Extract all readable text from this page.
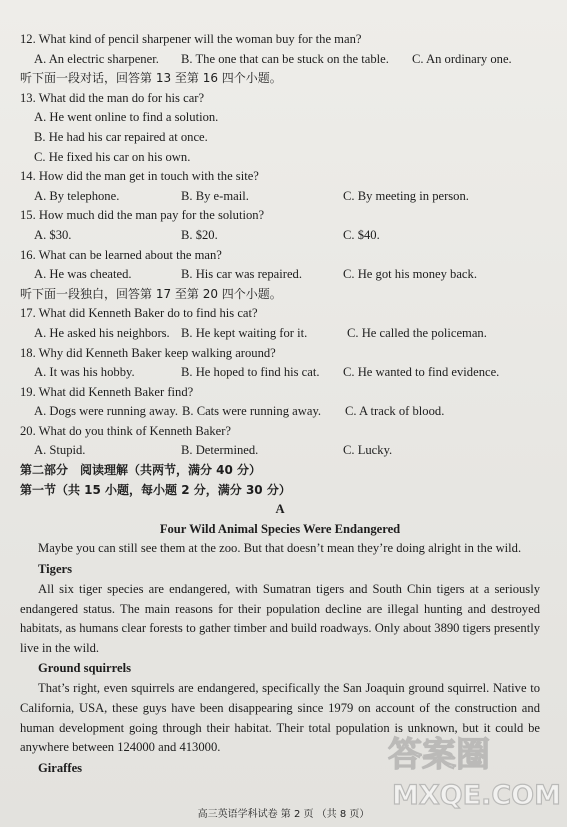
12. What kind of pencil sharpener will the woman buy for the man?
A. An electric sharpener. B. The one that can be stuck on the table. C. An ordinary one.
听下面一段对话，回答第 13 至第 16 四个小题。
13. What did the man do for his car?
A. He went online to find a solution.
B. He had his car repaired at once.
C. He fixed his car on his own.
14. How did the man get in touch with the site?
A. By telephone.	B. By e-mail.	C. By meeting in person.
15. How much did the man pay for the solution?
A. $30.	B. $20.	C. $40.
16. What can be learned about the man?
A. He was cheated.	B. His car was repaired.	C. He got his money back.
听下面一段独白，回答第 17 至第 20 四个小题。
17. What did Kenneth Baker do to find his cat?
A. He asked his neighbors. B. He kept waiting for it.	C. He called the policeman.
18. Why did Kenneth Baker keep walking around?
A. It was his hobby.	B. He hoped to find his cat. C. He wanted to find evidence.
19. What did Kenneth Baker find?
A. Dogs were running away. B. Cats were running away. C. A track of blood.
20. What do you think of Kenneth Baker?
A. Stupid.	B. Determined.	C. Lucky.
第二部分　阅读理解（共两节，满分 40 分）
第一节（共 15 小题，每小题 2 分，满分 30 分）
A
Four Wild Animal Species Were Endangered

Maybe you can still see them at the zoo. But that doesn’t mean they’re doing alright in the wild.

Tigers

All six tiger species are endangered, with Sumatran tigers and South Chin tigers at a seriously endangered status. The main reasons for their population decline are illegal hunting and destroyed habitats, as humans clear forests to gather timber and build roadways. Only about 3890 tigers presently live in the wild.

Ground squirrels

That’s right, even squirrels are endangered, specifically the San Joaquin ground squirrel. Native to California, USA, these guys have been disappearing since 1979 on account of the construction and human development going through their habitat. Their total population is unknown, but it could be anywhere between 124000 and 413000.

Giraffes
高三英语学科试卷 第 2 页 （共 8 页）
答案圈
MXQE.COM
